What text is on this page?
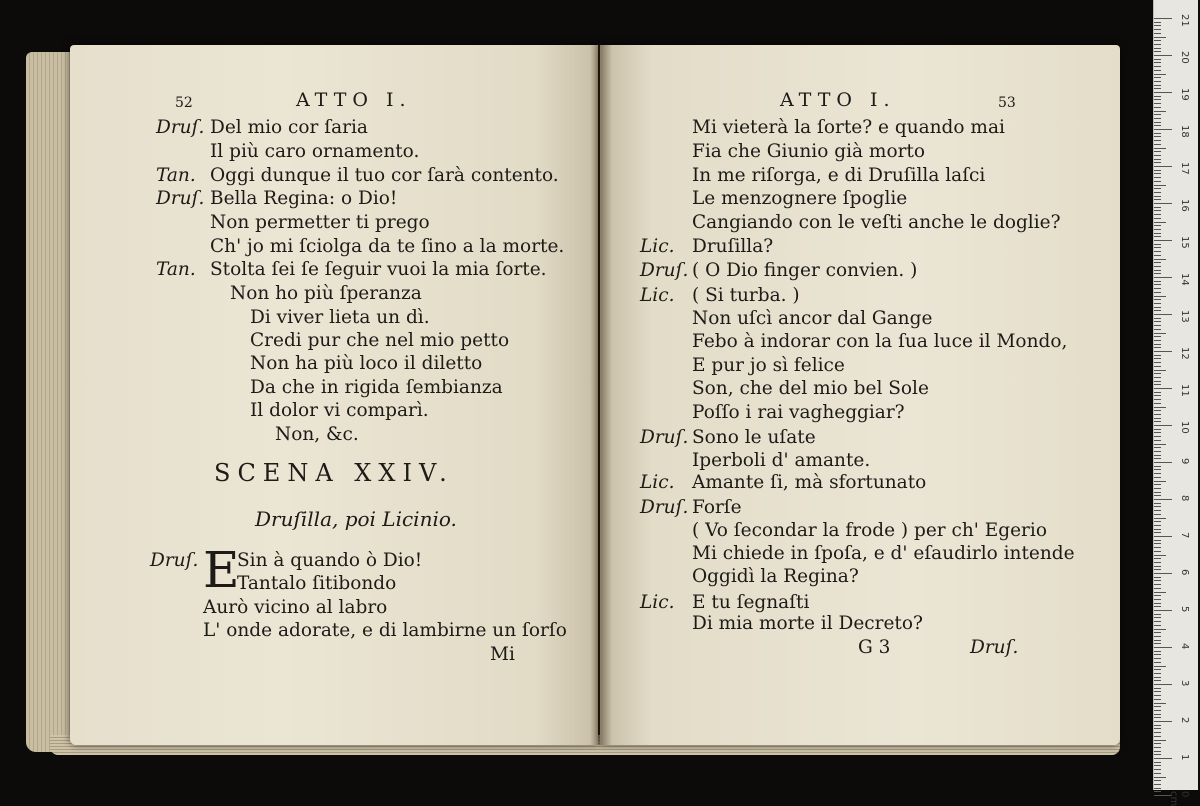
52	ATTO I.
Druſ. Del mio cor ſaria
Il più caro ornamento.
Tan. Oggi dunque il tuo cor ſarà contento.
Druſ. Bella Regina: o Dio!
Non permetter ti prego
Ch' jo mi ſciolga da te ſino a la morte.
Tan. Stolta ſei ſe ſeguir vuoi la mia ſorte.
Non ho più ſperanza
Di viver lieta un dì.
Credi pur che nel mio petto
Non ha più loco il diletto
Da che in rigida ſembianza
Il dolor vi comparì.
Non, &c.
SCENA XXIV.
Druſilla, poi Licinio.
Druſ. E
Sin à quando ò Dio!
Tantalo ſitibondo
Aurò vicino al labro
L' onde adorate, e di lambirne un ſorſo
Mi
ATTO I.	53
Mi vieterà la ſorte? e quando mai
Fia che Giunio già morto
In me riſorga, e di Druſilla laſci
Le menzognere ſpoglie
Cangiando con le veſti anche le doglie?
Lic. Druſilla?
Druſ. ( O Dio finger convien. )
Lic. ( Si turba. )
Non uſcì ancor dal Gange
Febo à indorar con la ſua luce il Mondo,
E pur jo sì felice
Son, che del mio bel Sole
Poſſo i rai vagheggiar?
Druſ. Sono le uſate
Iperboli d' amante.
Lic. Amante ſi, mà sfortunato
Druſ. Forſe
( Vo ſecondar la frode ) per ch' Egerio
Mi chiede in ſpoſa, e d' eſaudirlo intende
Oggidì la Regina?
Lic. E tu ſegnaſti
Di mia morte il Decreto?
G 3	Druſ.
21
20
19
18
17
16
15
14
13
12
11
10
9
8
7
6
5
4
3
2
1
0 cm
